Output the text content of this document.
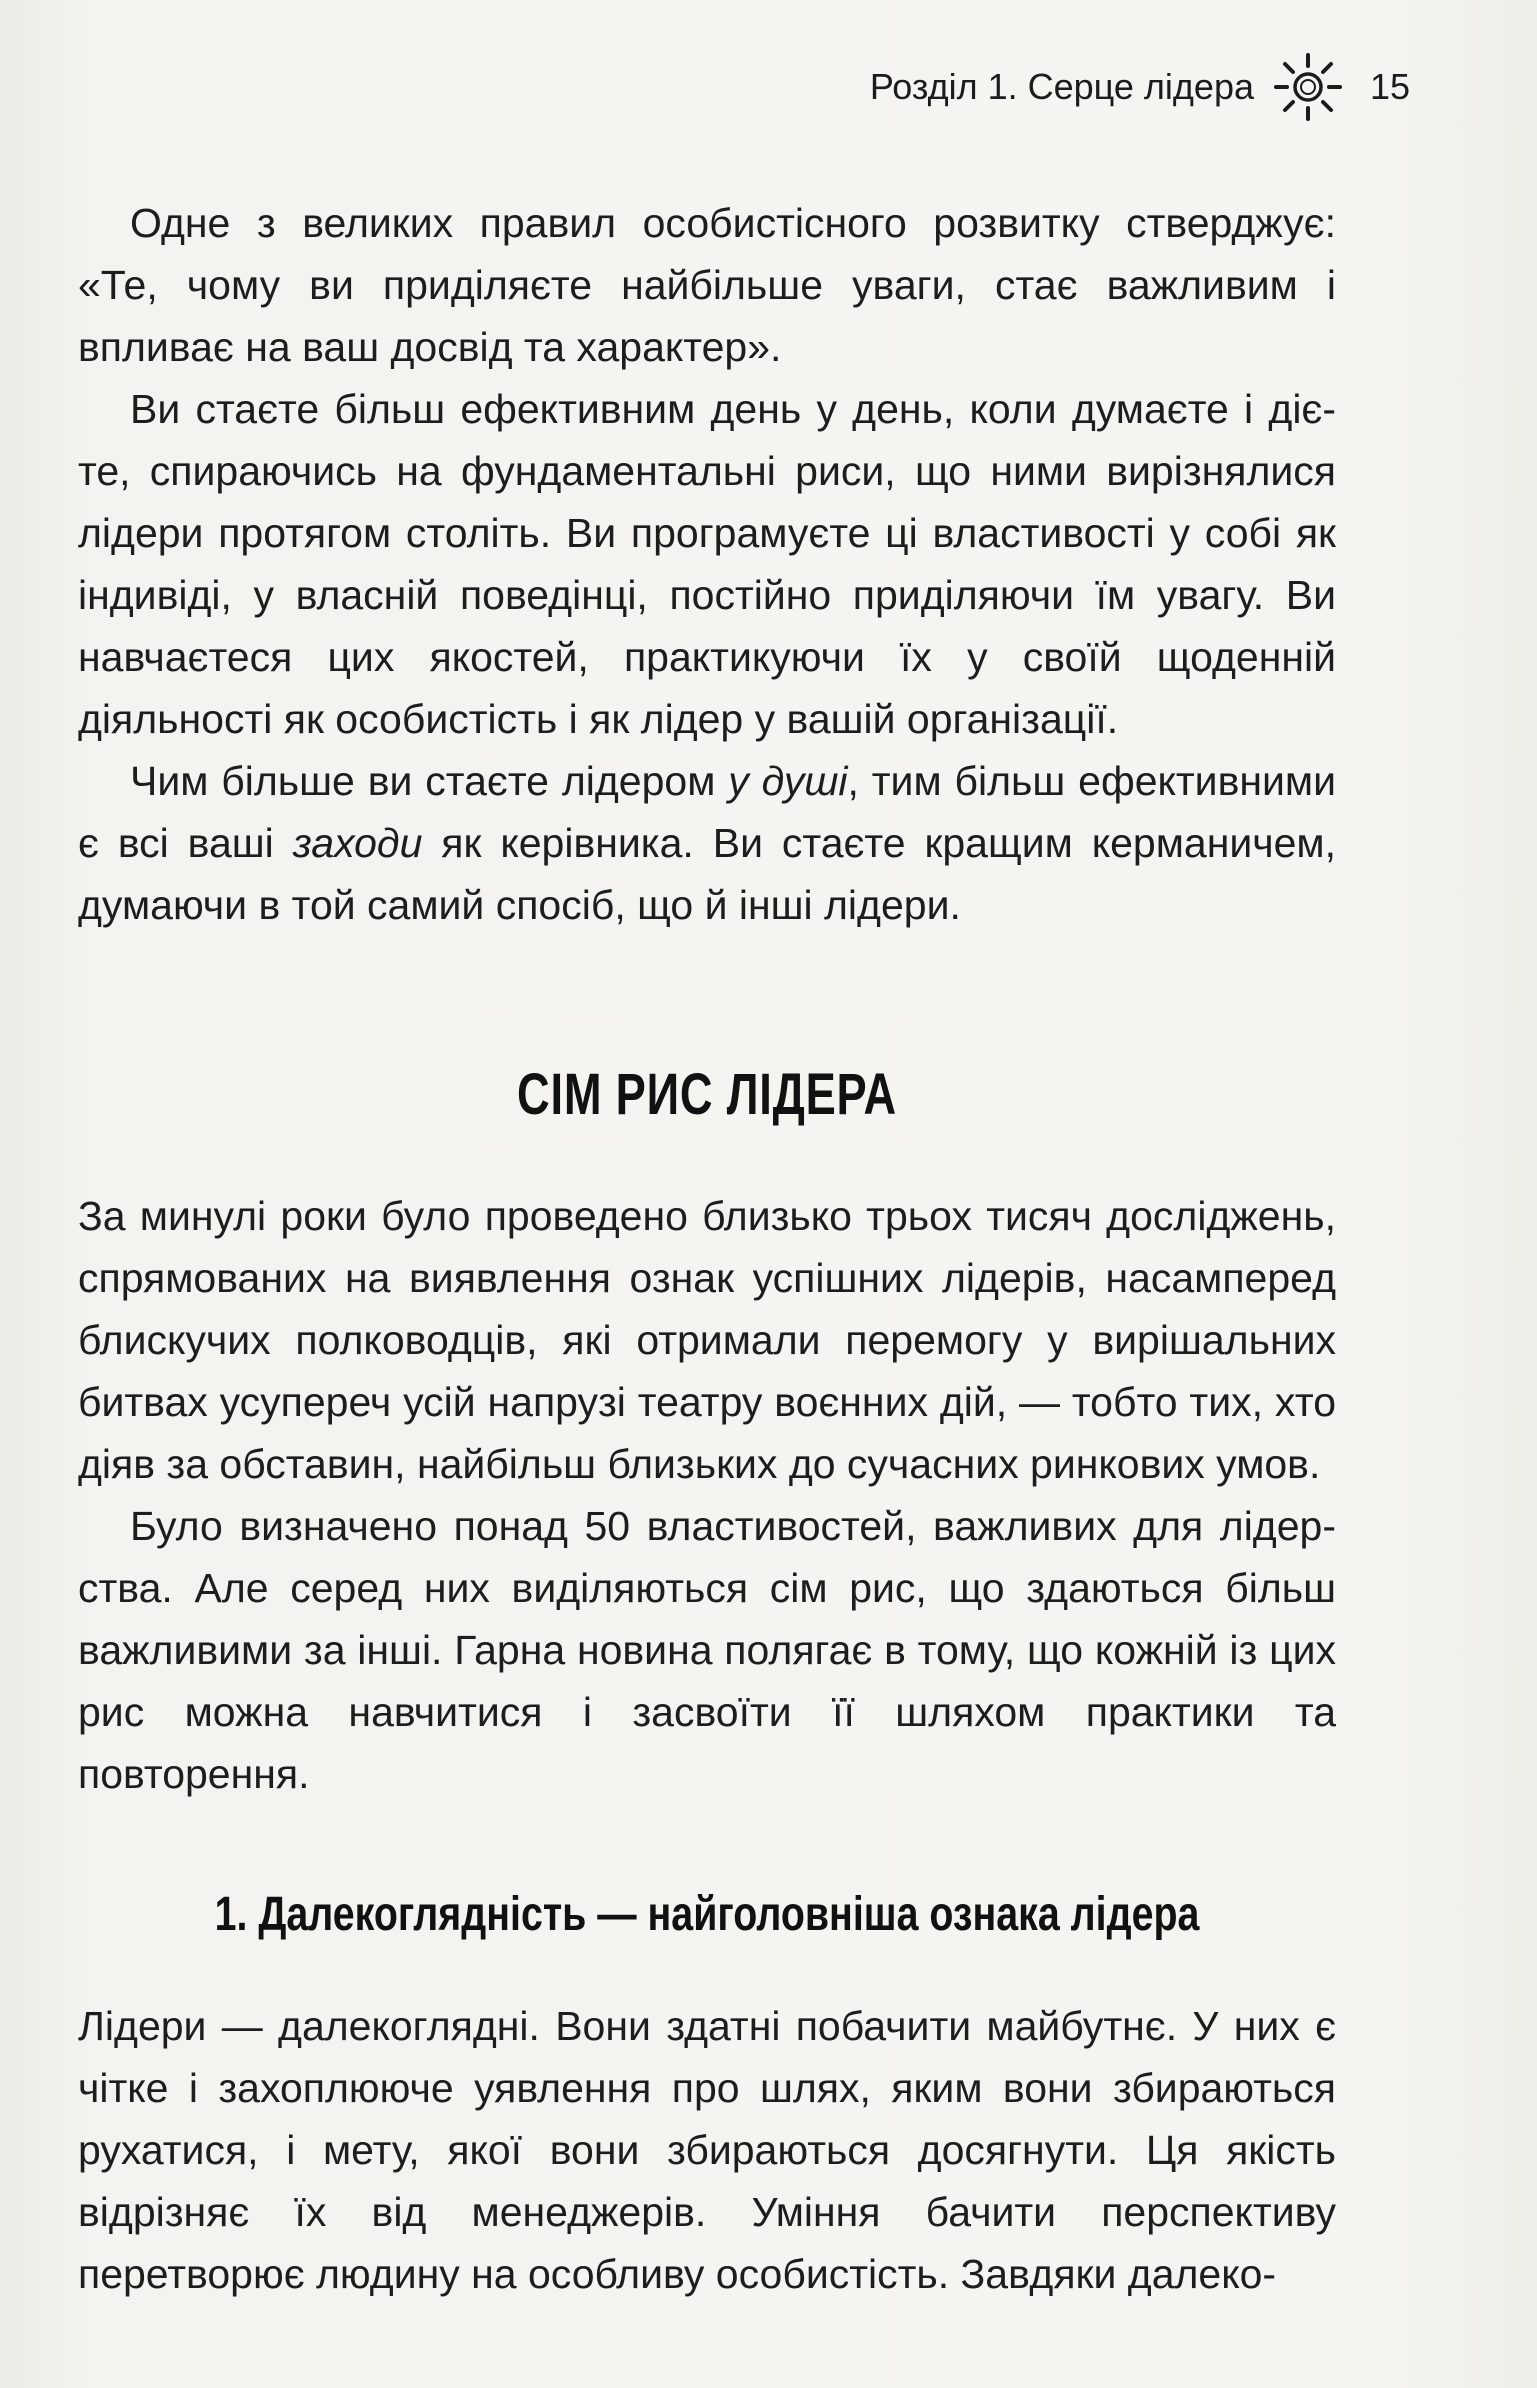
Розділ 1. Серце лідера	15

Одне з великих правил особистісного розвитку стверджує: «Те, чому ви приділяєте найбільше уваги, стає важливим і впливає на ваш досвід та характер».

Ви стаєте більш ефективним день у день, коли думаєте і дієте, спираючись на фундаментальні риси, що ними вирізнялися лідери протягом століть. Ви програмуєте ці властивості у собі як індивіді, у власній поведінці, постійно приділяючи їм увагу. Ви навчаєтеся цих якостей, практикуючи їх у своїй щоденній діяльності як особистість і як лідер у вашій організації.

Чим більше ви стаєте лідером у душі, тим більш ефективними є всі ваші заходи як керівника. Ви стаєте кращим керманичем, думаючи в той самий спосіб, що й інші лідери.

СІМ РИС ЛІДЕРА

За минулі роки було проведено близько трьох тисяч досліджень, спрямованих на виявлення ознак успішних лідерів, насамперед блискучих полководців, які отримали перемогу у вирішальних битвах усупереч усій напрузі театру воєнних дій, — тобто тих, хто діяв за обставин, найбільш близьких до сучасних ринкових умов.

Було визначено понад 50 властивостей, важливих для лідерства. Але серед них виділяються сім рис, що здаються більш важливими за інші. Гарна новина полягає в тому, що кожній із цих рис можна навчитися і засвоїти її шляхом практики та повторення.

1. Далекоглядність — найголовніша ознака лідера

Лідери — далекоглядні. Вони здатні побачити майбутнє. У них є чітке і захоплююче уявлення про шлях, яким вони збираються рухатися, і мету, якої вони збираються досягнути. Ця якість відрізняє їх від менеджерів. Уміння бачити перспективу перетворює людину на особливу особистість. Завдяки далеко-
